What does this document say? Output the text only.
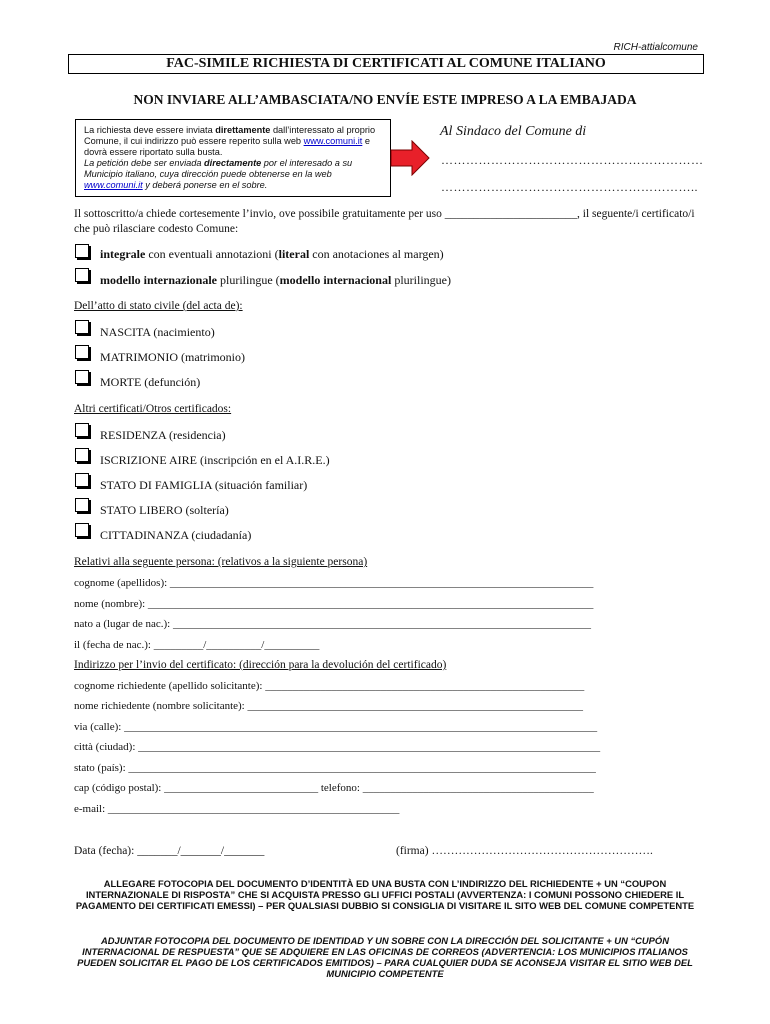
RICH-attialcomune
FAC-SIMILE RICHIESTA DI CERTIFICATI AL COMUNE ITALIANO
NON INVIARE ALL’AMBASCIATA/NO ENVÍE ESTE IMPRESO A LA EMBAJADA
La richiesta deve essere inviata direttamente dall’interessato al proprio Comune, il cui indirizzo può essere reperito sulla web www.comuni.it e dovrà essere riportato sulla busta.
La petición debe ser enviada directamente por el interesado a su Municipio italiano, cuya dirección puede obtenerse en la web www.comuni.it y deberá ponerse en el sobre.
Al Sindaco del Comune di
………………………………………………………
……………………………………………………..
Il sottoscritto/a chiede cortesemente l’invio, ove possibile gratuitamente per uso _______________________, il seguente/i certificato/i che può rilasciare codesto Comune:
integrale con eventuali annotazioni (literal con anotaciones al margen)
modello internazionale plurilingue (modello internacional plurilingue)
Dell’atto di stato civile (del acta de):
NASCITA (nacimiento)
MATRIMONIO (matrimonio)
MORTE (defunción)
Altri certificati/Otros certificados:
RESIDENZA (residencia)
ISCRIZIONE AIRE (inscripción en el A.I.R.E.)
STATO DI FAMIGLIA (situación familiar)
STATO LIBERO (soltería)
CITTADINANZA (ciudadanía)
Relativi alla seguente persona: (relativos a la siguiente persona)
cognome (apellidos): _____________________________________________________________________________
nome (nombre): _________________________________________________________________________________
nato a (lugar de nac.): ____________________________________________________________________________
il (fecha de nac.): _________/__________/__________
Indirizzo per l’invio del certificato: (dirección para la devolución del certificado)
cognome richiedente (apellido solicitante): __________________________________________________________
nome richiedente (nombre solicitante): _____________________________________________________________
via (calle): ______________________________________________________________________________________
città (ciudad): ____________________________________________________________________________________
stato (país): _____________________________________________________________________________________
cap (código postal): ____________________________ telefono: __________________________________________
e-mail: _____________________________________________________
Data (fecha): _______/_______/_______	(firma) ………………………………………………….
ALLEGARE FOTOCOPIA DEL DOCUMENTO D’IDENTITÀ ED UNA BUSTA CON L’INDIRIZZO DEL RICHIEDENTE + UN “COUPON INTERNAZIONALE DI RISPOSTA” CHE SI ACQUISTA PRESSO GLI UFFICI POSTALI (AVVERTENZA: I COMUNI POSSONO CHIEDERE IL PAGAMENTO DEI CERTIFICATI EMESSI) – PER QUALSIASI DUBBIO SI CONSIGLIA DI VISITARE IL SITO WEB DEL COMUNE COMPETENTE
ADJUNTAR FOTOCOPIA DEL DOCUMENTO DE IDENTIDAD Y UN SOBRE CON LA DIRECCIÓN DEL SOLICITANTE + UN “CUPÓN INTERNACIONAL DE RESPUESTA” QUE SE ADQUIERE EN LAS OFICINAS DE CORREOS (ADVERTENCIA: LOS MUNICIPIOS ITALIANOS PUEDEN SOLICITAR EL PAGO DE LOS CERTIFICADOS EMITIDOS) – PARA CUALQUIER DUDA SE ACONSEJA VISITAR EL SITIO WEB DEL MUNICIPIO COMPETENTE
